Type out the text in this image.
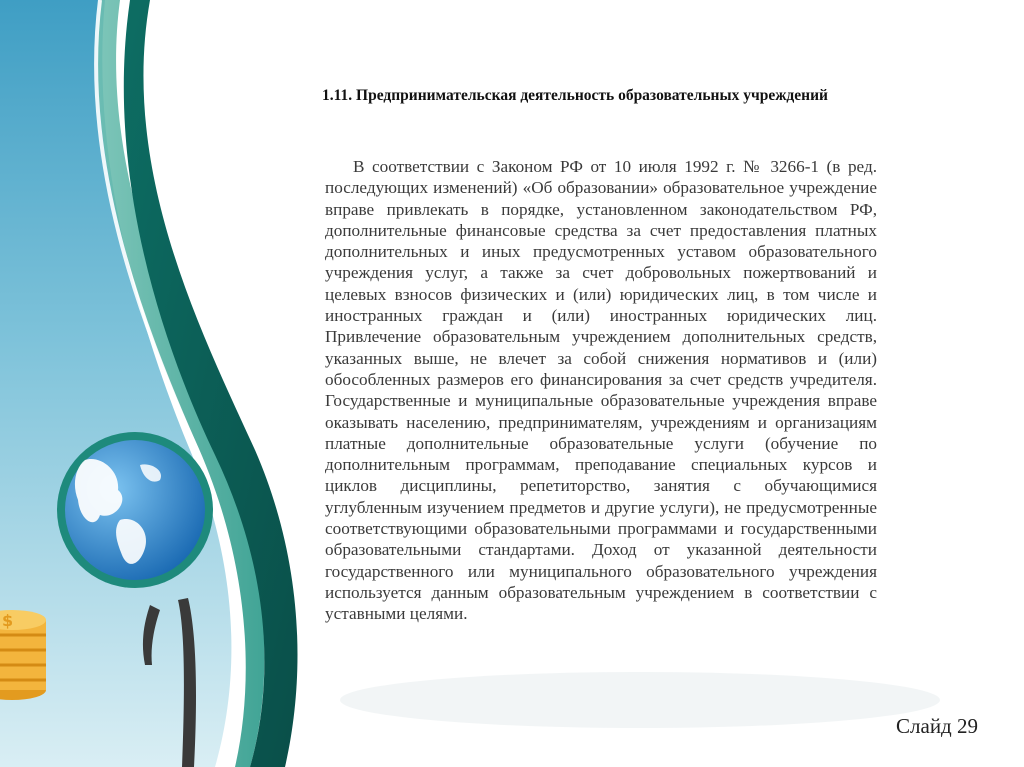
$
1.11. Предпринимательская деятельность образовательных учреждений
В соответствии с Законом РФ от 10 июля 1992 г. № 3266-1 (в ред. последующих изменений) «Об образовании» образовательное учреждение вправе привлекать в порядке, установленном законодательством РФ, дополнительные финансовые средства за счет предоставления платных дополнительных и иных предусмотренных уставом образовательного учреждения услуг, а также за счет добровольных пожертвований и целевых взносов физических и (или) юридических лиц, в том числе и иностранных граждан и (или) иностранных юридических лиц. Привлечение образовательным учреждением дополнительных средств, указанных выше, не влечет за собой снижения нормативов и (или) обособленных размеров его финансирования за счет средств учредителя. Государственные и муниципальные образовательные учреждения вправе оказывать населению, предпринимателям, учреждениям и организациям платные дополнительные образовательные услуги (обучение по дополнительным программам, преподавание специальных курсов и циклов дисциплины, репетиторство, занятия с обучающимися углубленным изучением предметов и другие услуги), не предусмотренные соответствующими образовательными программами и государственными образовательными стандартами. Доход от указанной деятельности государственного или муниципального образовательного учреждения используется данным образовательным учреждением в соответствии с уставными целями.
Слайд 29
